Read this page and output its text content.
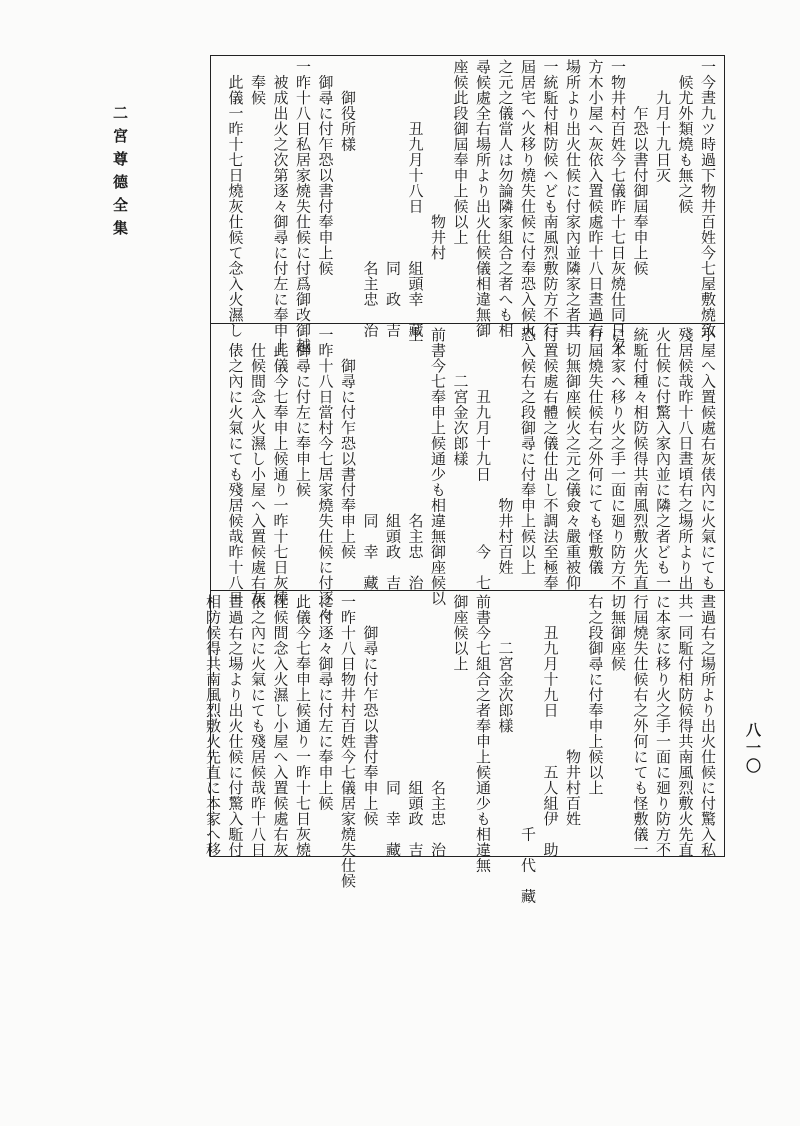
二宮尊德全集
八一〇
一今晝九ツ時過下物井百姓今七屋敷燒致
　候尤外類燒も無之候
　　九月十九日灭
　　　乍恐以書付御屆奉申上候
一物井村百姓今七儀昨十七日灰燒仕同日夕
方木小屋へ灰依入置候處昨十八日晝過右
場所より出火仕候に付家內並隣家之者共
一統駈付相防候へども南風烈敷防方不行
屆居宅へ火移り燒失仕候に付奉恐入候火
之元之儀當人は勿論隣家組合之者へも相
尋候處全右場所より出火仕候儀相違無御
座候此段御屆奉申上候以上
　　　　　　　　　　物井村
　　　　丑九月十八日　　　組頭幸　藏
　　　　　　　　　　　　　同　政　吉
　　　　　　　　　　　　　名主忠　治
　　御役所樣
　御尋に付乍恐以書付奉申上候
一昨十八日私居家燒失仕候に付爲御改御越
　被成出火之次第逐々御尋に付左に奉申上
　奉候
　此儀一昨十七日燒灰仕候て念入火濕し
小屋へ入置候處右灰俵內に火氣にても
殘居候哉昨十八日晝頃右之場所より出
火仕候に付驚入家內並に隣之者ども一
統駈付種々相防候得共南風烈敷火先直
に本家へ移り火之手一面に廻り防方不
行屆燒失仕候右之外何にても怪敷儀
一切無御座候火之元之儀僉々嚴重被仰
付置候處右體之儀仕出し不調法至極奉
恐入候右之段御尋に付奉申上候以上
　　　　　　　　　　　物井村百姓
　　　　丑九月十九日　　　　今　七
　　　二宮金次郎樣
前書今七奉申上候通少も相違無御座候以
上　　　　　　　　　　　名主忠　治
　　　　　　　　　　　　組頭政　吉
　　　　　　　　　　　　同　幸　藏
　　御尋に付乍恐以書付奉申上候
一昨十八日當村今七居家燒失仕候に付逐々
　御尋に付左に奉申上候
　此儀今七奉申上候通り一昨十七日灰燒
　仕候間念入火濕し小屋へ入置候處右灰
　俵之內に火氣にても殘居候哉昨十八日
晝過右之場所より出火仕候に付驚入私
共一同駈付相防候得共南風烈敷火先直
に本家に移り火之手一面に廻り防方不
行屆燒失仕候右之外何にても怪敷儀一
切無御座候
右之段御尋に付奉申上候以上
　　　　　　　　　　物井村百姓
　　丑九月十九日　　　五人組伊　助
　　　　　　　　　　　　　　　千　代　藏
　　　二宮金次郎樣
前書今七組合之者奉申上候通少も相違無
御座候以上
　　　　　　　　　　　　名主忠　治
　　　　　　　　　　　　組頭政　吉
　　　　　　　　　　　　同　幸　藏
　　御尋に付乍恐以書付奉申上候
一昨十八日物井村百姓今七儀居家燒失仕候
に付逐々御尋に付左に奉申上候
此儀今七奉申上候通り一昨十七日灰燒
仕候間念入火濕し小屋へ入置候處右灰
俵之內に火氣にても殘居候哉昨十八日
晝過右之場より出火仕候に付驚入駈付
相防候得共南風烈敷火先直に本家へ移
